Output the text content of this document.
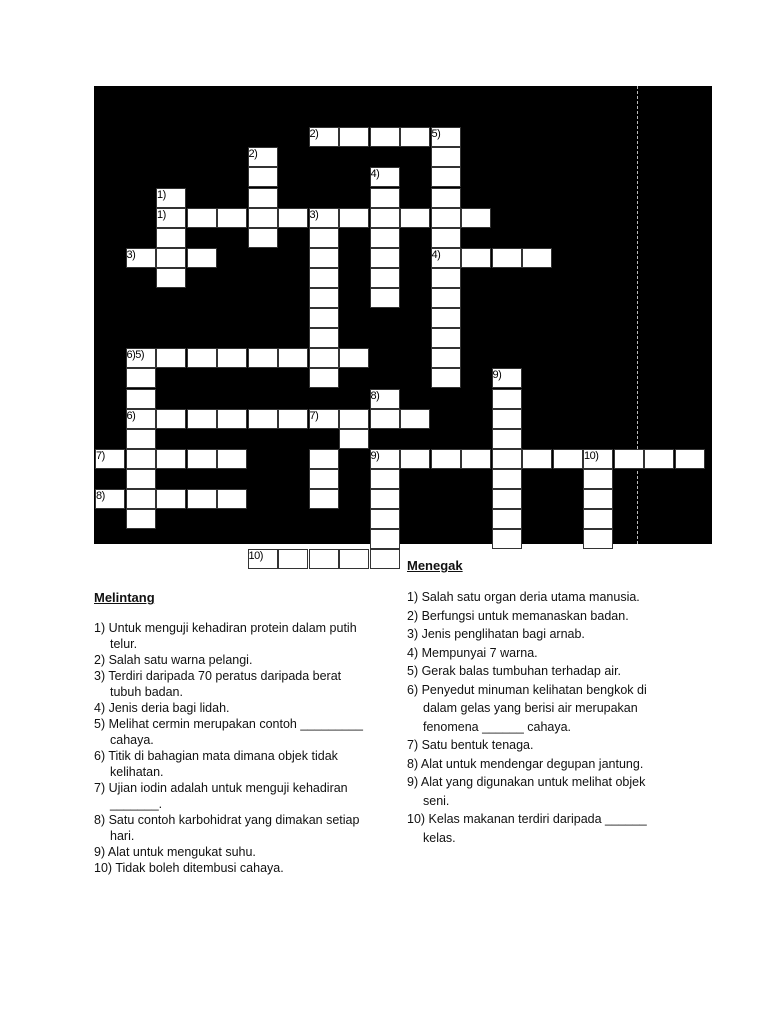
2)	5)
2)
4)
1)
1)	3)
3)	4)
6)5)
9)
8)
6)	7)
7)	9)	10)
8)
10)
Melintang
1) Untuk menguji kehadiran protein dalam putih telur.
2) Salah satu warna pelangi.
3) Terdiri daripada 70 peratus daripada berat tubuh badan.
4) Jenis deria bagi lidah.
5) Melihat cermin merupakan contoh _________ cahaya.
6) Titik di bahagian mata dimana objek tidak kelihatan.
7) Ujian iodin adalah untuk menguji kehadiran _______.
8) Satu contoh karbohidrat yang dimakan setiap hari.
9) Alat untuk mengukat suhu.
10) Tidak boleh ditembusi cahaya.
Menegak
1) Salah satu organ deria utama manusia.
2) Berfungsi untuk memanaskan badan.
3) Jenis penglihatan bagi arnab.
4) Mempunyai 7 warna.
5) Gerak balas tumbuhan terhadap air.
6) Penyedut minuman kelihatan bengkok di dalam gelas yang berisi air merupakan fenomena ______ cahaya.
7) Satu bentuk tenaga.
8) Alat untuk mendengar degupan jantung.
9) Alat yang digunakan untuk melihat objek seni.
10) Kelas makanan terdiri daripada ______ kelas.
